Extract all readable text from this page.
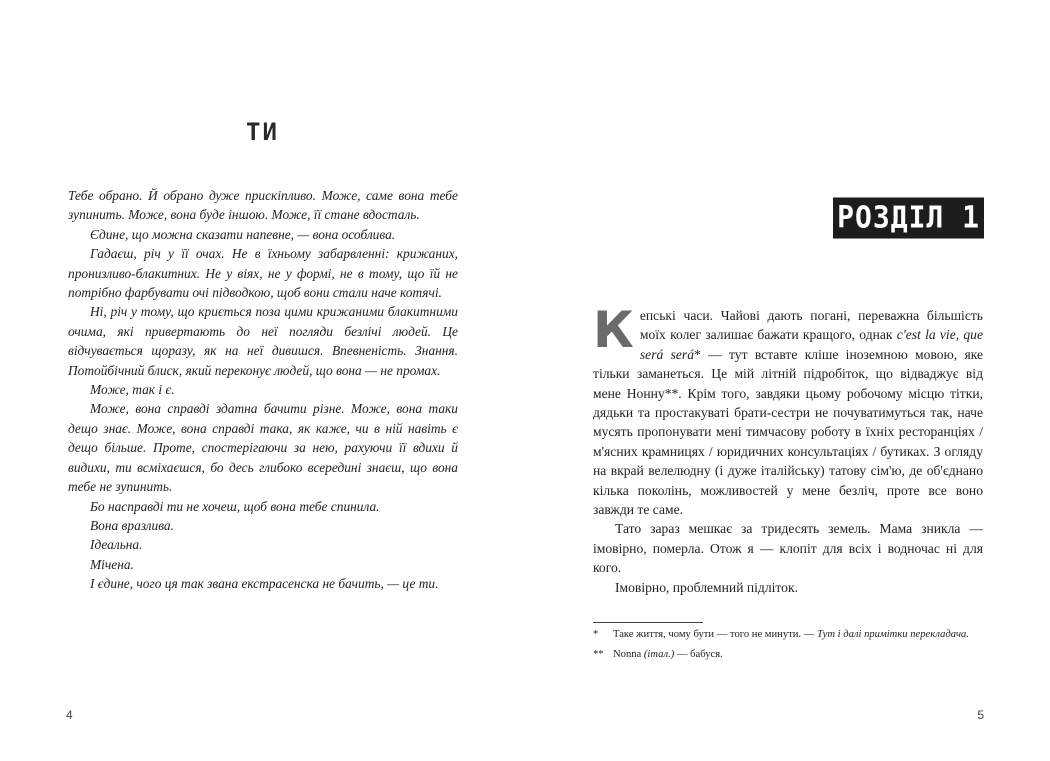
ТИ

Тебе обрано. Й обрано дуже прискіпливо. Може, саме вона тебе зупинить. Може, вона буде іншою. Може, її стане вдосталь.

Єдине, що можна сказати напевне, — вона особлива.

Гадаєш, річ у її очах. Не в їхньому забарвленні: крижаних, пронизливо-блакитних. Не у віях, не у формі, не в тому, що їй не потрібно фарбувати очі підводкою, щоб вони стали наче котячі.

Ні, річ у тому, що криється поза цими крижаними блакитними очима, які привертають до неї погляди безлічі людей. Це відчувається щоразу, як на неї дивишся. Впевненість. Знання. Потойбічний блиск, який переконує людей, що вона — не промах.

Може, так і є.

Може, вона справді здатна бачити різне. Може, вона таки дещо знає. Може, вона справді така, як каже, чи в ній навіть є дещо більше. Проте, спостерігаючи за нею, рахуючи її вдихи й видихи, ти всміхаєшся, бо десь глибоко всередині знаєш, що вона тебе не зупинить.

Бо насправді ти не хочеш, щоб вона тебе спинила.

Вона вразлива.

Ідеальна.

Мічена.

І єдине, чого ця так звана екстрасенска не бачить, — це ти.

4
РОЗДІЛ 1

Кепські часи. Чайові дають погані, переважна більшість моїх колег залишає бажати кращого, однак c'est la vie, que será será* — тут вставте кліше іноземною мовою, яке тільки заманеться. Це мій літній підробіток, що відваджує від мене Нонну**. Крім того, завдяки цьому робочому місцю тітки, дядьки та простакуваті брати-сестри не почуватимуться так, наче мусять пропонувати мені тимчасову роботу в їхніх ресторанціях / м'ясних крамницях / юридичних консультаціях / бутиках. З огляду на вкрай велелюдну (і дуже італійську) татову сім'ю, де об'єднано кілька поколінь, можливостей у мене безліч, проте все воно завжди те саме.

Тато зараз мешкає за тридесять земель. Мама зникла — імовірно, померла. Отож я — клопіт для всіх і водночас ні для кого.

Імовірно, проблемний підліток.

*	Таке життя, чому бути — того не минути. — Тут і далі примітки перекладача.
** Nonna (італ.) — бабуся.
5
